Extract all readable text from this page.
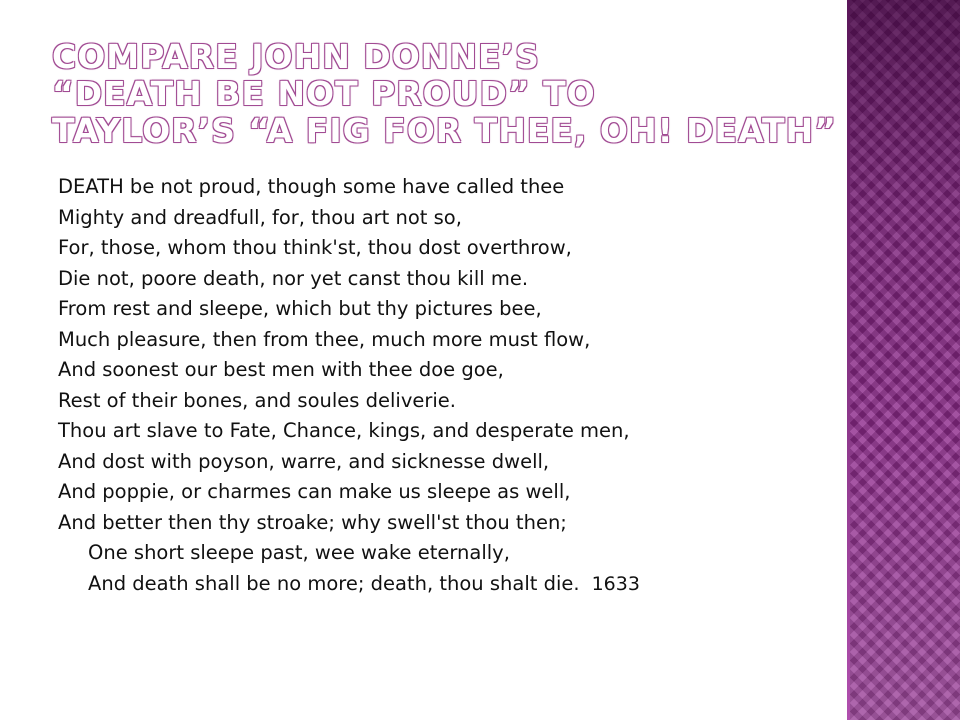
COMPARE JOHN DONNE’S
“DEATH BE NOT PROUD” TO
TAYLOR’S “A FIG FOR THEE, OH! DEATH”
DEATH be not proud, though some have called thee
Mighty and dreadfull, for, thou art not so,
For, those, whom thou think'st, thou dost overthrow,
Die not, poore death, nor yet canst thou kill me.
From rest and sleepe, which but thy pictures bee,
Much pleasure, then from thee, much more must flow,
And soonest our best men with thee doe goe,
Rest of their bones, and soules deliverie.
Thou art slave to Fate, Chance, kings, and desperate men,
And dost with poyson, warre, and sicknesse dwell,
And poppie, or charmes can make us sleepe as well,
And better then thy stroake; why swell'st thou then;
One short sleepe past, wee wake eternally,
And death shall be no more; death, thou shalt die. 1633
